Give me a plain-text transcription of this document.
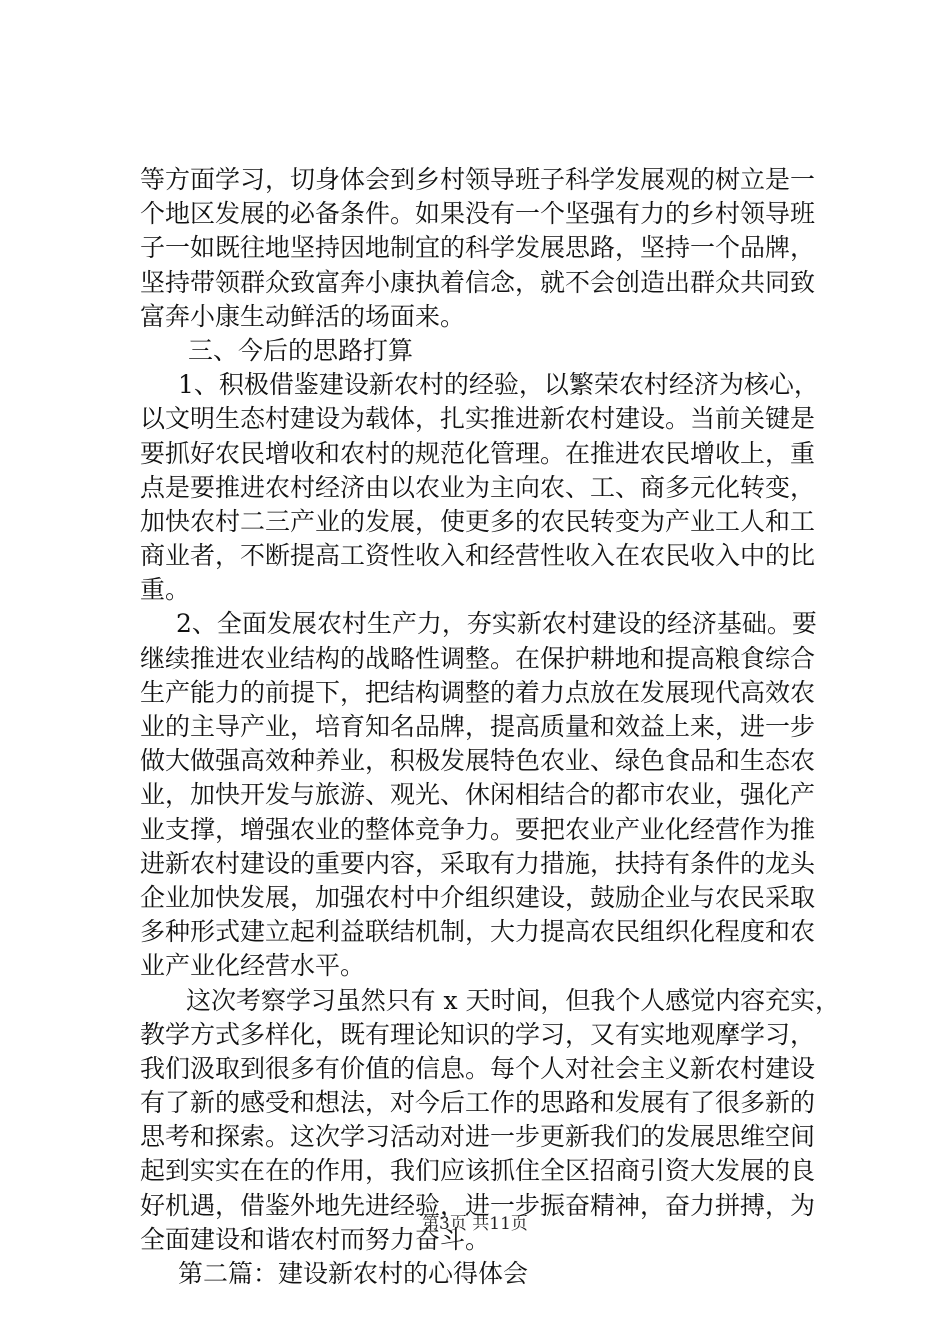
等方面学习，切身体会到乡村领导班子科学发展观的树立是一
个地区发展的必备条件。如果没有一个坚强有力的乡村领导班
子一如既往地坚持因地制宜的科学发展思路，坚持一个品牌，
坚持带领群众致富奔小康执着信念，就不会创造出群众共同致
富奔小康生动鲜活的场面来。
三、今后的思路打算
1、积极借鉴建设新农村的经验，以繁荣农村经济为核心，
以文明生态村建设为载体，扎实推进新农村建设。当前关键是
要抓好农民增收和农村的规范化管理。在推进农民增收上，重
点是要推进农村经济由以农业为主向农、工、商多元化转变，
加快农村二三产业的发展，使更多的农民转变为产业工人和工
商业者，不断提高工资性收入和经营性收入在农民收入中的比
重。
2、全面发展农村生产力，夯实新农村建设的经济基础。要
继续推进农业结构的战略性调整。在保护耕地和提高粮食综合
生产能力的前提下，把结构调整的着力点放在发展现代高效农
业的主导产业，培育知名品牌，提高质量和效益上来，进一步
做大做强高效种养业，积极发展特色农业、绿色食品和生态农
业，加快开发与旅游、观光、休闲相结合的都市农业，强化产
业支撑，增强农业的整体竞争力。要把农业产业化经营作为推
进新农村建设的重要内容，采取有力措施，扶持有条件的龙头
企业加快发展，加强农村中介组织建设，鼓励企业与农民采取
多种形式建立起利益联结机制，大力提高农民组织化程度和农
业产业化经营水平。
这次考察学习虽然只有 x 天时间，但我个人感觉内容充实，
教学方式多样化，既有理论知识的学习，又有实地观摩学习，
我们汲取到很多有价值的信息。每个人对社会主义新农村建设
有了新的感受和想法，对今后工作的思路和发展有了很多新的
思考和探索。这次学习活动对进一步更新我们的发展思维空间
起到实实在在的作用，我们应该抓住全区招商引资大发展的良
好机遇，借鉴外地先进经验，进一步振奋精神，奋力拼搏，为
全面建设和谐农村而努力奋斗。
第二篇：建设新农村的心得体会
第3页 共11页
